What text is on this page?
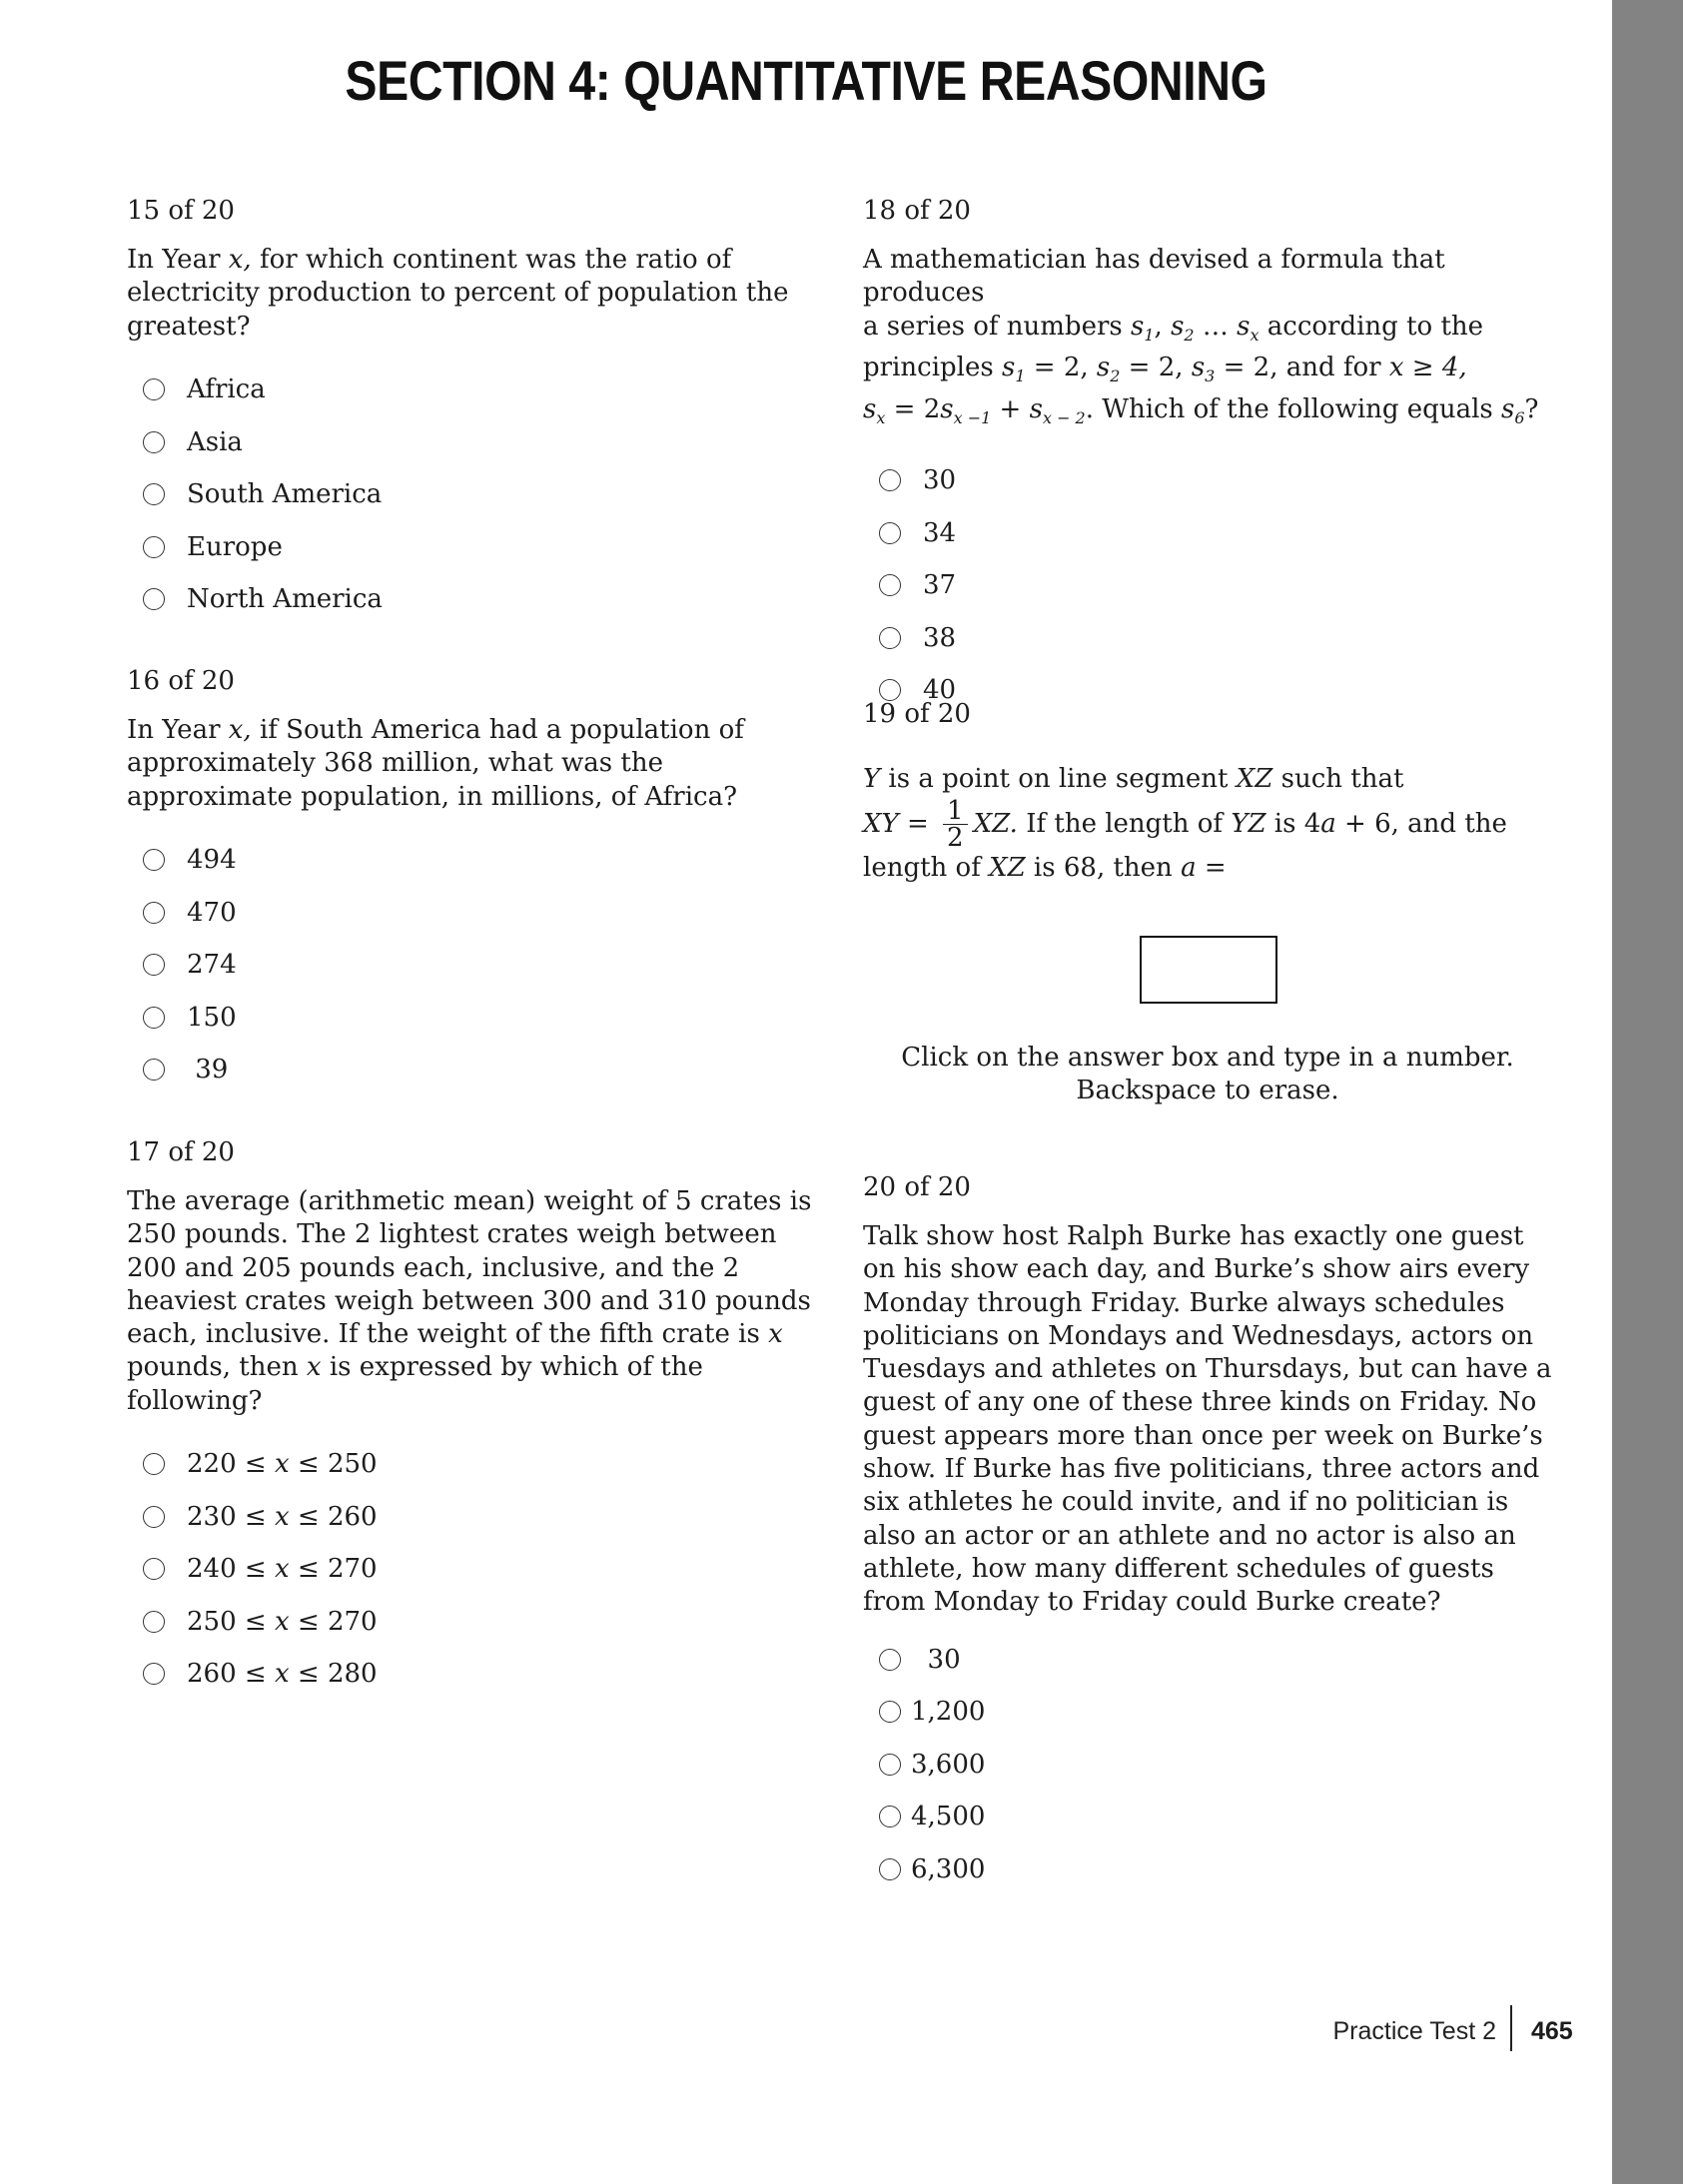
SECTION 4: QUANTITATIVE REASONING
15 of 20
In Year x, for which continent was the ratio of electricity production to percent of population the greatest?
Africa
Asia
South America
Europe
North America
16 of 20
In Year x, if South America had a population of approximately 368 million, what was the approximate population, in millions, of Africa?
494
470
274
150
39
17 of 20
The average (arithmetic mean) weight of 5 crates is 250 pounds. The 2 lightest crates weigh between 200 and 205 pounds each, inclusive, and the 2 heaviest crates weigh between 300 and 310 pounds each, inclusive. If the weight of the fifth crate is x pounds, then x is expressed by which of the following?
220 ≤ x ≤ 250
230 ≤ x ≤ 260
240 ≤ x ≤ 270
250 ≤ x ≤ 270
260 ≤ x ≤ 280
18 of 20
A mathematician has devised a formula that produces
a series of numbers $s_1$, $s_2$ … $s_x$ according to the
principles $s_1 = 2$, $s_2 = 2$, $s_3 = 2$, and for x ≥ 4,
$s_x = 2s_{x -1} + s_{x - 2}$. Which of the following equals $s_6$?
30
34
37
38
40
19 of 20
Y is a point on line segment XZ such that
XY = $\frac{1}{2}$ XZ. If the length of YZ is 4 a + 6, and the
length of XZ is 68, then a =
Click on the answer box and type in a number.
Backspace to erase.
20 of 20
Talk show host Ralph Burke has exactly one guest on his show each day, and Burke’s show airs every Monday through Friday. Burke always schedules politicians on Mondays and Wednesdays, actors on Tuesdays and athletes on Thursdays, but can have a guest of any one of these three kinds on Friday. No guest appears more than once per week on Burke’s show. If Burke has five politicians, three actors and six athletes he could invite, and if no politician is also an actor or an athlete and no actor is also an athlete, how many different schedules of guests from Monday to Friday could Burke create?
30
1,200
3,600
4,500
6,300
Practice Test 2 465
